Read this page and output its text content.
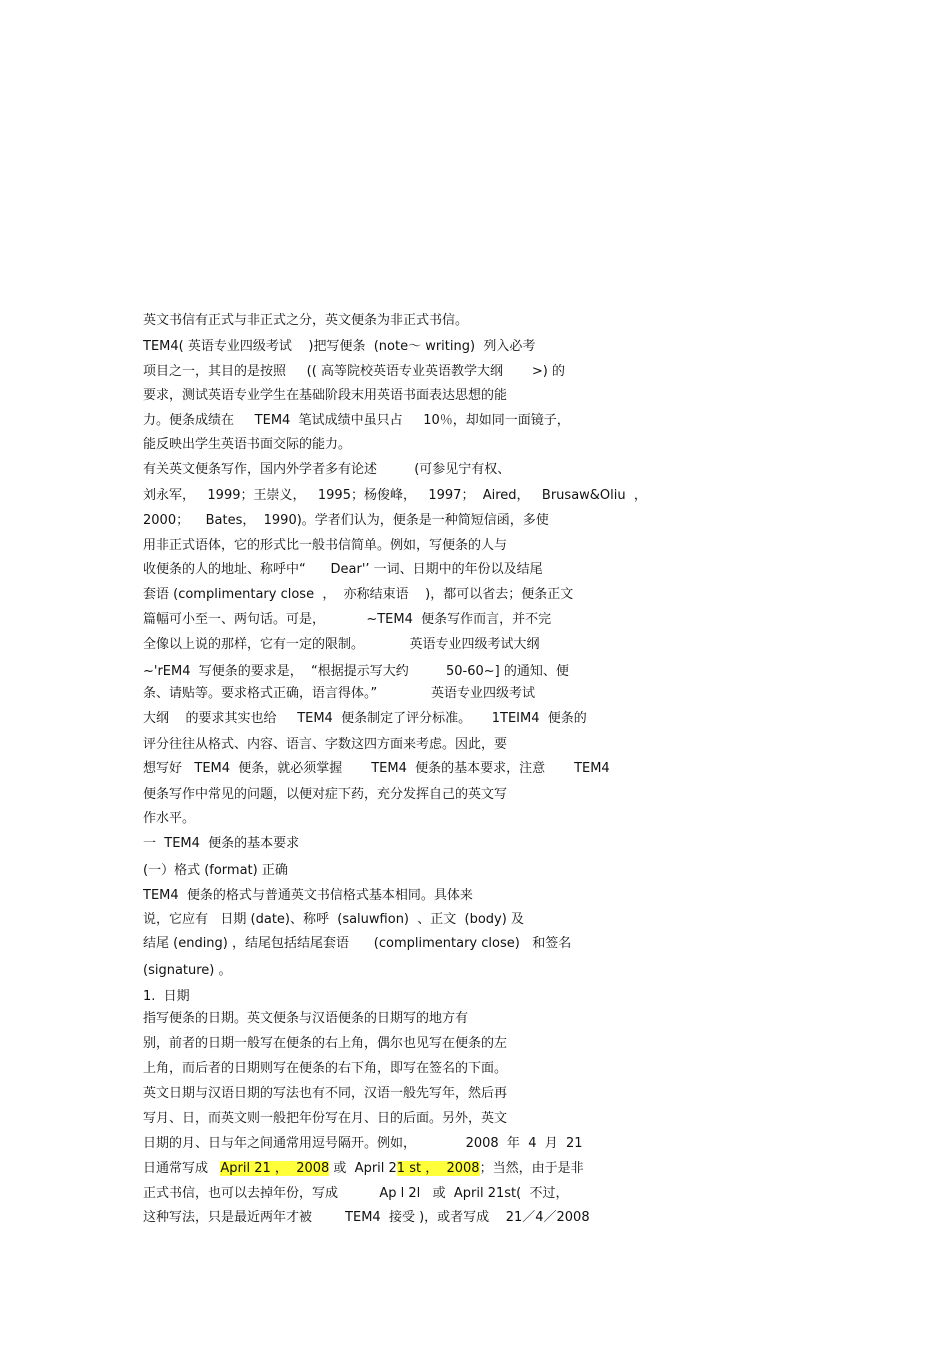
英文书信有正式与非正式之分，英文便条为非正式书信。

TEM4( 英语专业四级考试    )把写便条  (note～ writing)  列入必考

项目之一，其目的是按照     (( 高等院校英语专业英语教学大纲       >) 的

要求，测试英语专业学生在基础阶段末用英语书面表达思想的能

力。便条成绩在     TEM4  笔试成绩中虽只占     10％，却如同一面镜子，

能反映出学生英语书面交际的能力。

有关英文便条写作，国内外学者多有论述         (可参见宁有权、

刘永军，   1999；王崇义，   1995；杨俊峰，   1997；  Aired，   Brusaw&Oliu  ，

2000；    Bates，  1990)。学者们认为，便条是一种简短信函，多使

用非正式语体，它的形式比一般书信简单。例如，写便条的人与

收便条的人的地址、称呼中“      Dear'’ 一词、日期中的年份以及结尾

套语 (complimentary close  ，  亦称结束语    )，都可以省去；便条正文

篇幅可小至一、两句话。可是，          ~TEM4  便条写作而言，并不完

全像以上说的那样，它有一定的限制。           英语专业四级考试大纲

~'rEM4  写便条的要求是，  “根据提示写大约         50-60~] 的通知、便

条、请贴等。要求格式正确，语言得体。”             英语专业四级考试

大纲    的要求其实也给     TEM4  便条制定了评分标准。     1TEIM4  便条的

评分往往从格式、内容、语言、字数这四方面来考虑。因此，要

想写好   TEM4  便条，就必须掌握       TEM4  便条的基本要求，注意       TEM4

便条写作中常见的问题，以便对症下药，充分发挥自己的英文写

作水平。

一  TEM4  便条的基本要求

(一）格式 (format) 正确

TEM4  便条的格式与普通英文书信格式基本相同。具体来

说，它应有   日期 (date)、称呼  (saluwfion)  、正文  (body) 及

结尾 (ending) ，结尾包括结尾套语      (complimentary close)   和签名

(signature) 。

1.  日期

指写便条的日期。英文便条与汉语便条的日期写的地方有

别，前者的日期一般写在便条的右上角，偶尔也见写在便条的左

上角，而后者的日期则写在便条的右下角，即写在签名的下面。

英文日期与汉语日期的写法也有不同，汉语一般先写年，然后再

写月、日，而英文则一般把年份写在月、日的后面。另外，英文

日期的月、日与年之间通常用逗号隔开。例如，            2008  年  4  月  21

日通常写成   April 21 ，  2008 或  April 21 st ，  2008；当然，由于是非

正式书信，也可以去掉年份，写成          Ap l 2l   或  April 21st(  不过，

这种写法，只是最近两年才被        TEM4  接受 )，或者写成    21／4／2008
